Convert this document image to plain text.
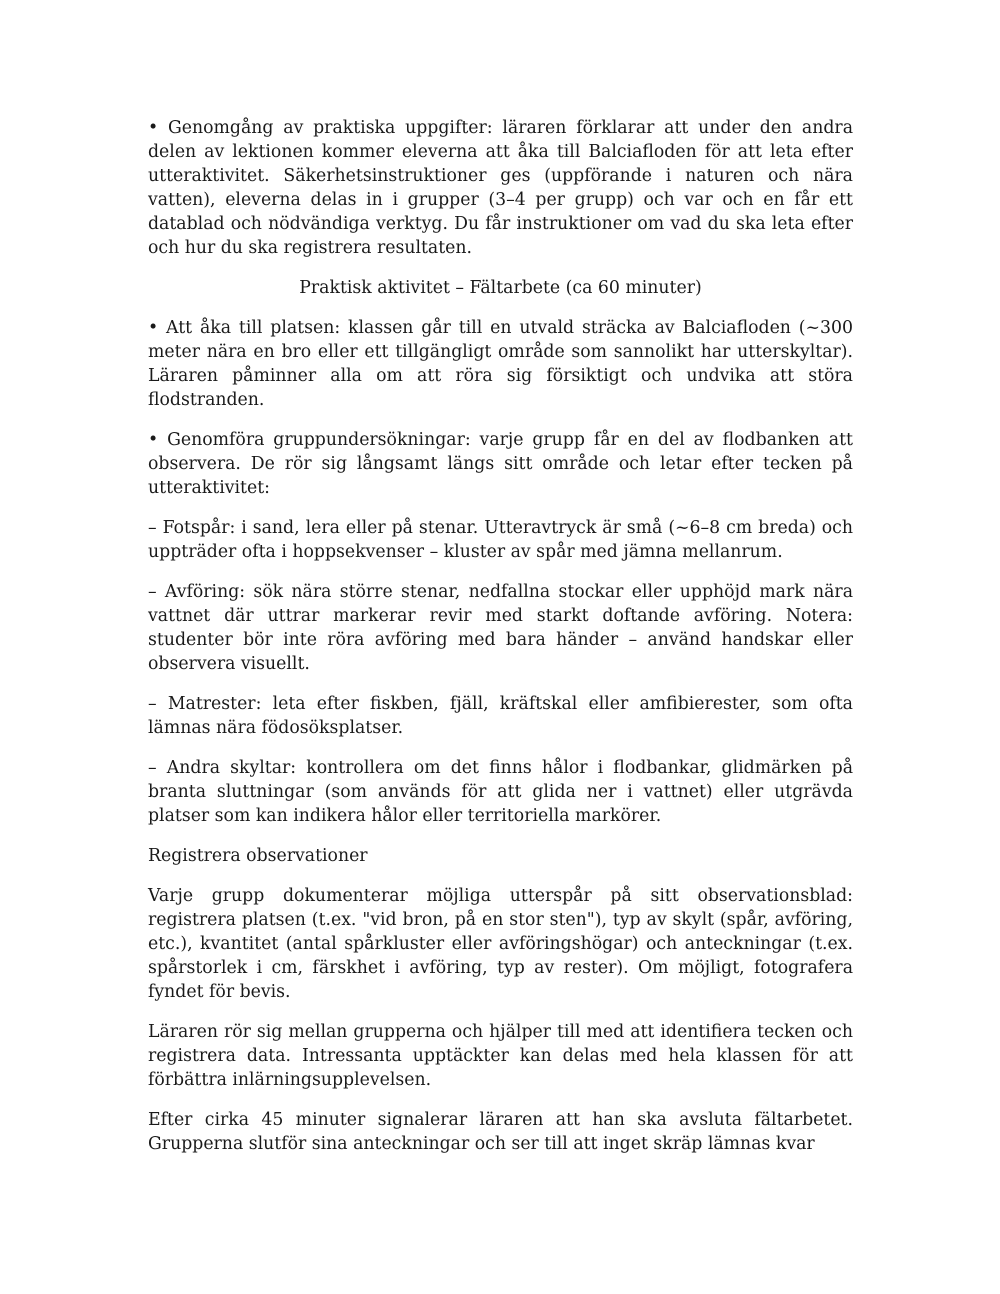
• Genomgång av praktiska uppgifter: läraren förklarar att under den andra delen av lektionen kommer eleverna att åka till Balciafloden för att leta efter utteraktivitet. Säkerhetsinstruktioner ges (uppförande i naturen och nära vatten), eleverna delas in i grupper (3–4 per grupp) och var och en får ett datablad och nödvändiga verktyg. Du får instruktioner om vad du ska leta efter och hur du ska registrera resultaten.

Praktisk aktivitet – Fältarbete (ca 60 minuter)

• Att åka till platsen: klassen går till en utvald sträcka av Balciafloden (~300 meter nära en bro eller ett tillgängligt område som sannolikt har utterskyltar). Läraren påminner alla om att röra sig försiktigt och undvika att störa flodstranden.

• Genomföra gruppundersökningar: varje grupp får en del av flodbanken att observera. De rör sig långsamt längs sitt område och letar efter tecken på utteraktivitet:

– Fotspår: i sand, lera eller på stenar. Utteravtryck är små (~6–8 cm breda) och uppträder ofta i hoppsekvenser – kluster av spår med jämna mellanrum.

– Avföring: sök nära större stenar, nedfallna stockar eller upphöjd mark nära vattnet där uttrar markerar revir med starkt doftande avföring. Notera: studenter bör inte röra avföring med bara händer – använd handskar eller observera visuellt.

– Matrester: leta efter fiskben, fjäll, kräftskal eller amfibierester, som ofta lämnas nära födosöksplatser.

– Andra skyltar: kontrollera om det finns hålor i flodbankar, glidmärken på branta sluttningar (som används för att glida ner i vattnet) eller utgrävda platser som kan indikera hålor eller territoriella markörer.

Registrera observationer

Varje grupp dokumenterar möjliga utterspår på sitt observationsblad: registrera platsen (t.ex. "vid bron, på en stor sten"), typ av skylt (spår, avföring, etc.), kvantitet (antal spårkluster eller avföringshögar) och anteckningar (t.ex. spårstorlek i cm, färskhet i avföring, typ av rester). Om möjligt, fotografera fyndet för bevis.

Läraren rör sig mellan grupperna och hjälper till med att identifiera tecken och registrera data. Intressanta upptäckter kan delas med hela klassen för att förbättra inlärningsupplevelsen.

Efter cirka 45 minuter signalerar läraren att han ska avsluta fältarbetet. Grupperna slutför sina anteckningar och ser till att inget skräp lämnas kvar
